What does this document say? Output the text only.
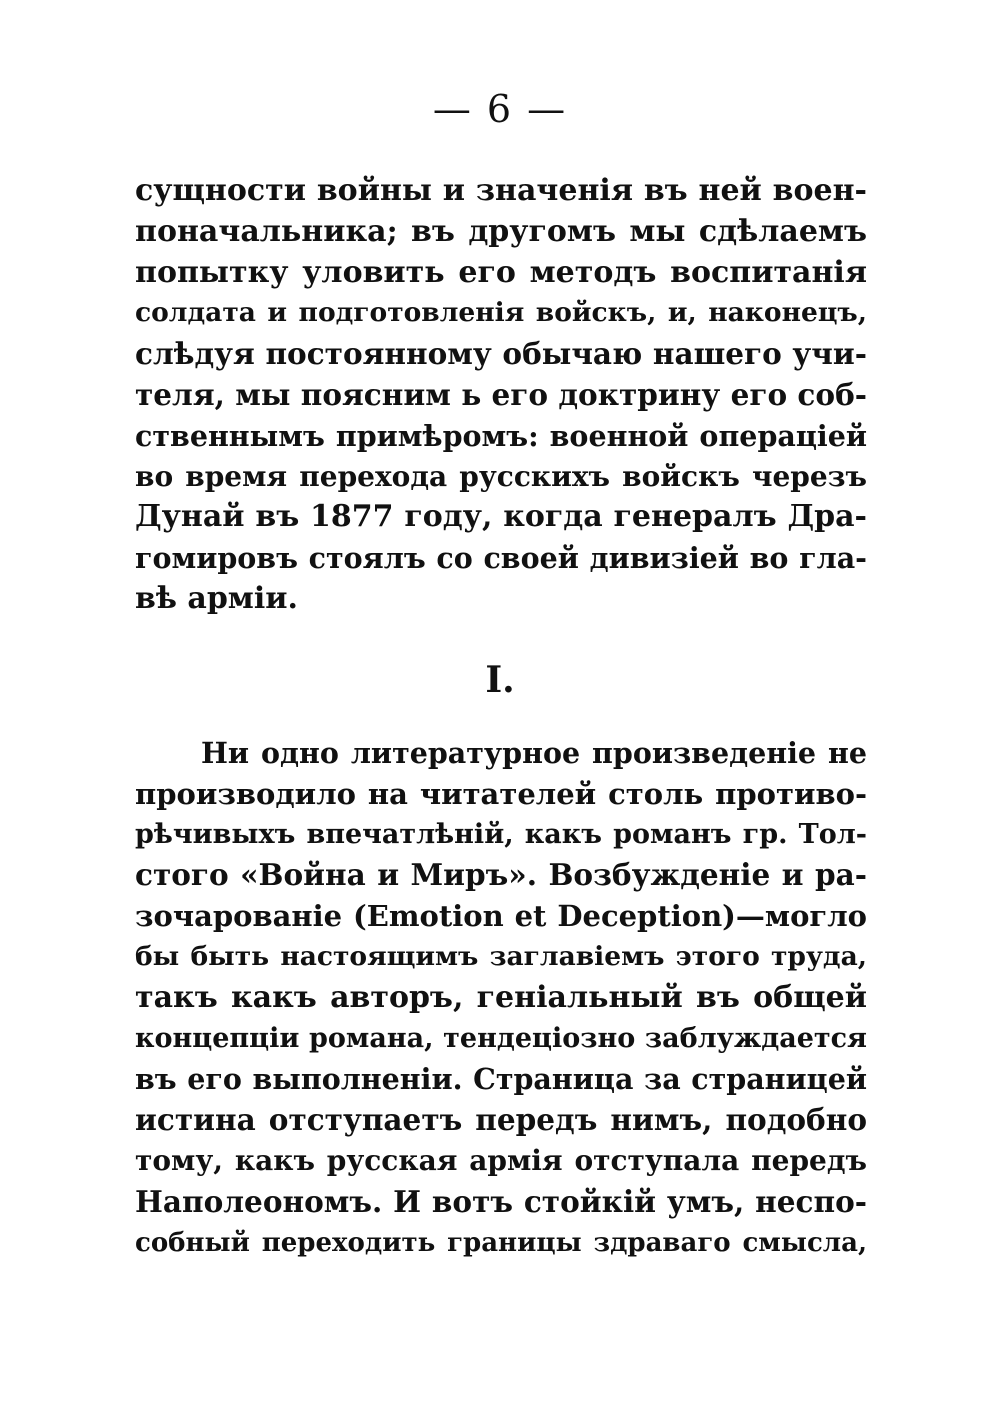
— 6 —
сущности войны и значенія въ ней воен-
поначальника; въ другомъ мы сдѣлаемъ
попытку уловить его методъ воспитанія
солдата и подготовленія войскъ, и, наконецъ,
слѣдуя постоянному обычаю нашего учи-
теля, мы поясним ь его доктрину его соб-
ственнымъ примѣромъ: военной операціей
во время перехода русскихъ войскъ черезъ
Дунай въ 1877 году, когда генералъ Дра-
гомировъ стоялъ со своей дивизіей во гла-
вѣ арміи.
I.
Ни одно литературное произведеніе не
производило на читателей столь противо-
рѣчивыхъ впечатлѣній, какъ романъ гр. Тол-
стого «Война и Миръ». Возбужденіе и ра-
зочарованіе (Emotion et Deception)—могло
бы быть настоящимъ заглавіемъ этого труда,
такъ какъ авторъ, геніальный въ общей
концепціи романа, тендеціозно заблуждается
въ его выполненіи. Страница за страницей
истина отступаетъ передъ нимъ, подобно
тому, какъ русская армія отступала передъ
Наполеономъ. И вотъ стойкій умъ, неспо-
собный переходить границы здраваго смысла,
